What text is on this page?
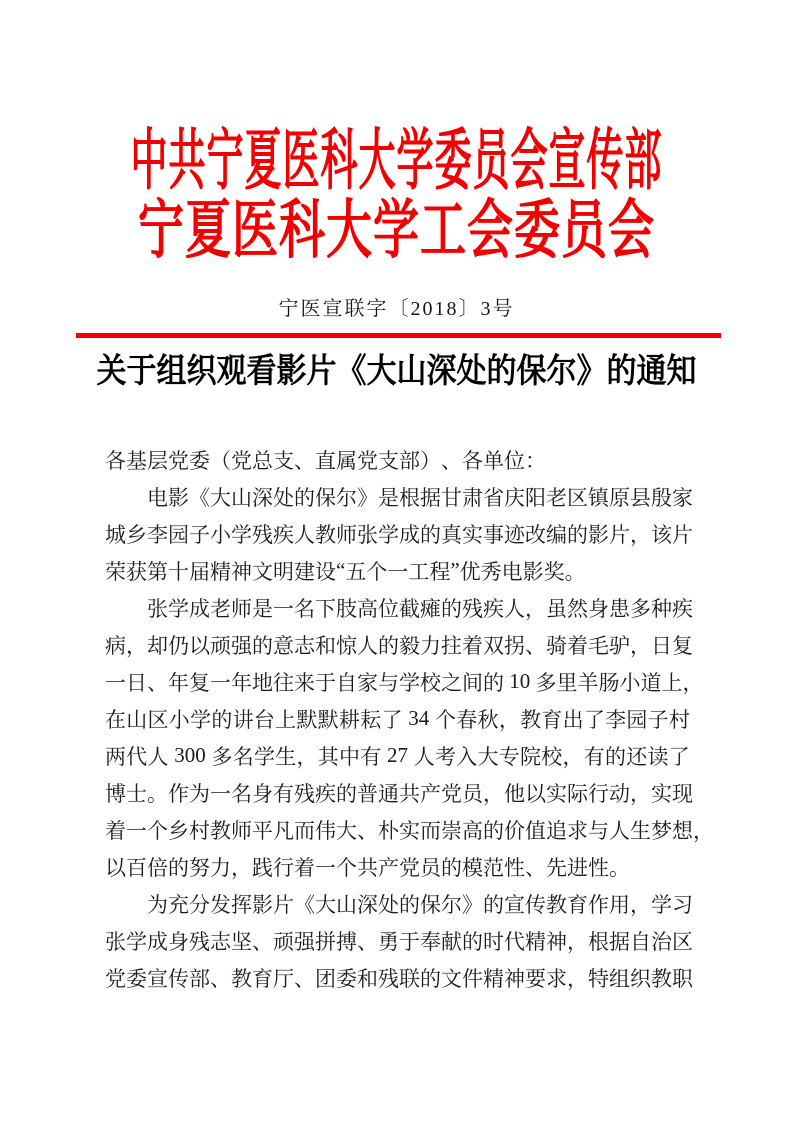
中共宁夏医科大学委员会宣传部
宁夏医科大学工会委员会
宁医宣联字〔2018〕3号
关于组织观看影片《大山深处的保尔》的通知
各 基 层 党 委 （ 党 总 支 、 直 属 党 支 部 ） 、 各 单 位 ：
电 影 《 大 山 深 处 的 保 尔 》 是 根 据 甘 肃 省 庆 阳 老 区 镇 原 县 殷 家
城 乡 李 园 子 小 学 残 疾 人 教 师 张 学 成 的 真 实 事 迹 改 编 的 影 片 ， 该 片
荣 获 第 十 届 精 神 文 明 建 设 “ 五 个 一 工 程 ” 优 秀 电 影 奖 。
张 学 成 老 师 是 一 名 下 肢 高 位 截 瘫 的 残 疾 人 ， 虽 然 身 患 多 种 疾
病 ， 却 仍 以 顽 强 的 意 志 和 惊 人 的 毅 力 拄 着 双 拐 、 骑 着 毛 驴 ， 日 复
一 日 、 年 复 一 年 地 往 来 于 自 家 与 学 校 之 间 的
10
多 里 羊 肠 小 道 上 ，
在 山 区 小 学 的 讲 台 上 默 默 耕 耘 了
34
个 春 秋 ， 教 育 出 了 李 园 子 村
两 代 人
300
多 名 学 生 ， 其 中 有
27
人 考 入 大 专 院 校 ， 有 的 还 读 了
博 士 。 作 为 一 名 身 有 残 疾 的 普 通 共 产 党 员 ， 他 以 实 际 行 动 ， 实 现
着 一 个 乡 村 教 师 平 凡 而 伟 大 、 朴 实 而 崇 高 的 价 值 追 求 与 人 生 梦 想 ，
以 百 倍 的 努 力 ， 践 行 着 一 个 共 产 党 员 的 模 范 性 、 先 进 性 。
为 充 分 发 挥 影 片 《 大 山 深 处 的 保 尔 》 的 宣 传 教 育 作 用 ， 学 习
张 学 成 身 残 志 坚 、 顽 强 拼 搏 、 勇 于 奉 献 的 时 代 精 神 ， 根 据 自 治 区
党 委 宣 传 部 、 教 育 厅 、 团 委 和 残 联 的 文 件 精 神 要 求 ， 特 组 织 教 职
